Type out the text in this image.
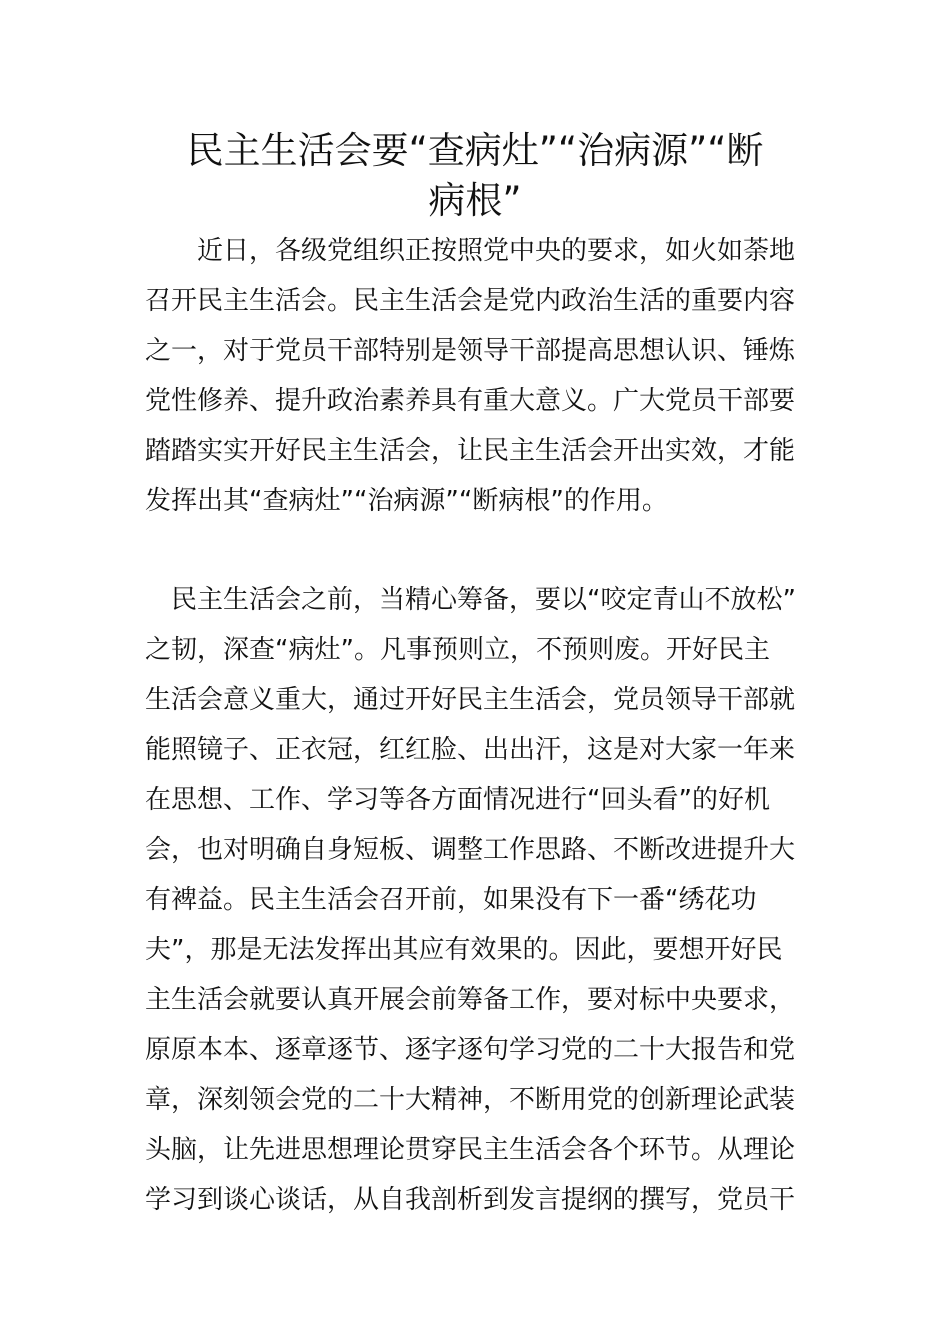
民主生活会要“查病灶”“治病源”“断
病根”
　　近日，各级党组织正按照党中央的要求，如火如荼地
召开民主生活会。民主生活会是党内政治生活的重要内容
之一，对于党员干部特别是领导干部提高思想认识、锤炼
党性修养、提升政治素养具有重大意义。广大党员干部要
踏踏实实开好民主生活会，让民主生活会开出实效，才能
发挥出其“查病灶”“治病源”“断病根”的作用。
　民主生活会之前，当精心筹备，要以“咬定青山不放松”
之韧，深查“病灶”。凡事预则立，不预则废。开好民主
生活会意义重大，通过开好民主生活会，党员领导干部就
能照镜子、正衣冠，红红脸、出出汗，这是对大家一年来
在思想、工作、学习等各方面情况进行“回头看”的好机
会，也对明确自身短板、调整工作思路、不断改进提升大
有裨益。民主生活会召开前，如果没有下一番“绣花功
夫”，那是无法发挥出其应有效果的。因此，要想开好民
主生活会就要认真开展会前筹备工作，要对标中央要求，
原原本本、逐章逐节、逐字逐句学习党的二十大报告和党
章，深刻领会党的二十大精神，不断用党的创新理论武装
头脑，让先进思想理论贯穿民主生活会各个环节。从理论
学习到谈心谈话，从自我剖析到发言提纲的撰写，党员干
